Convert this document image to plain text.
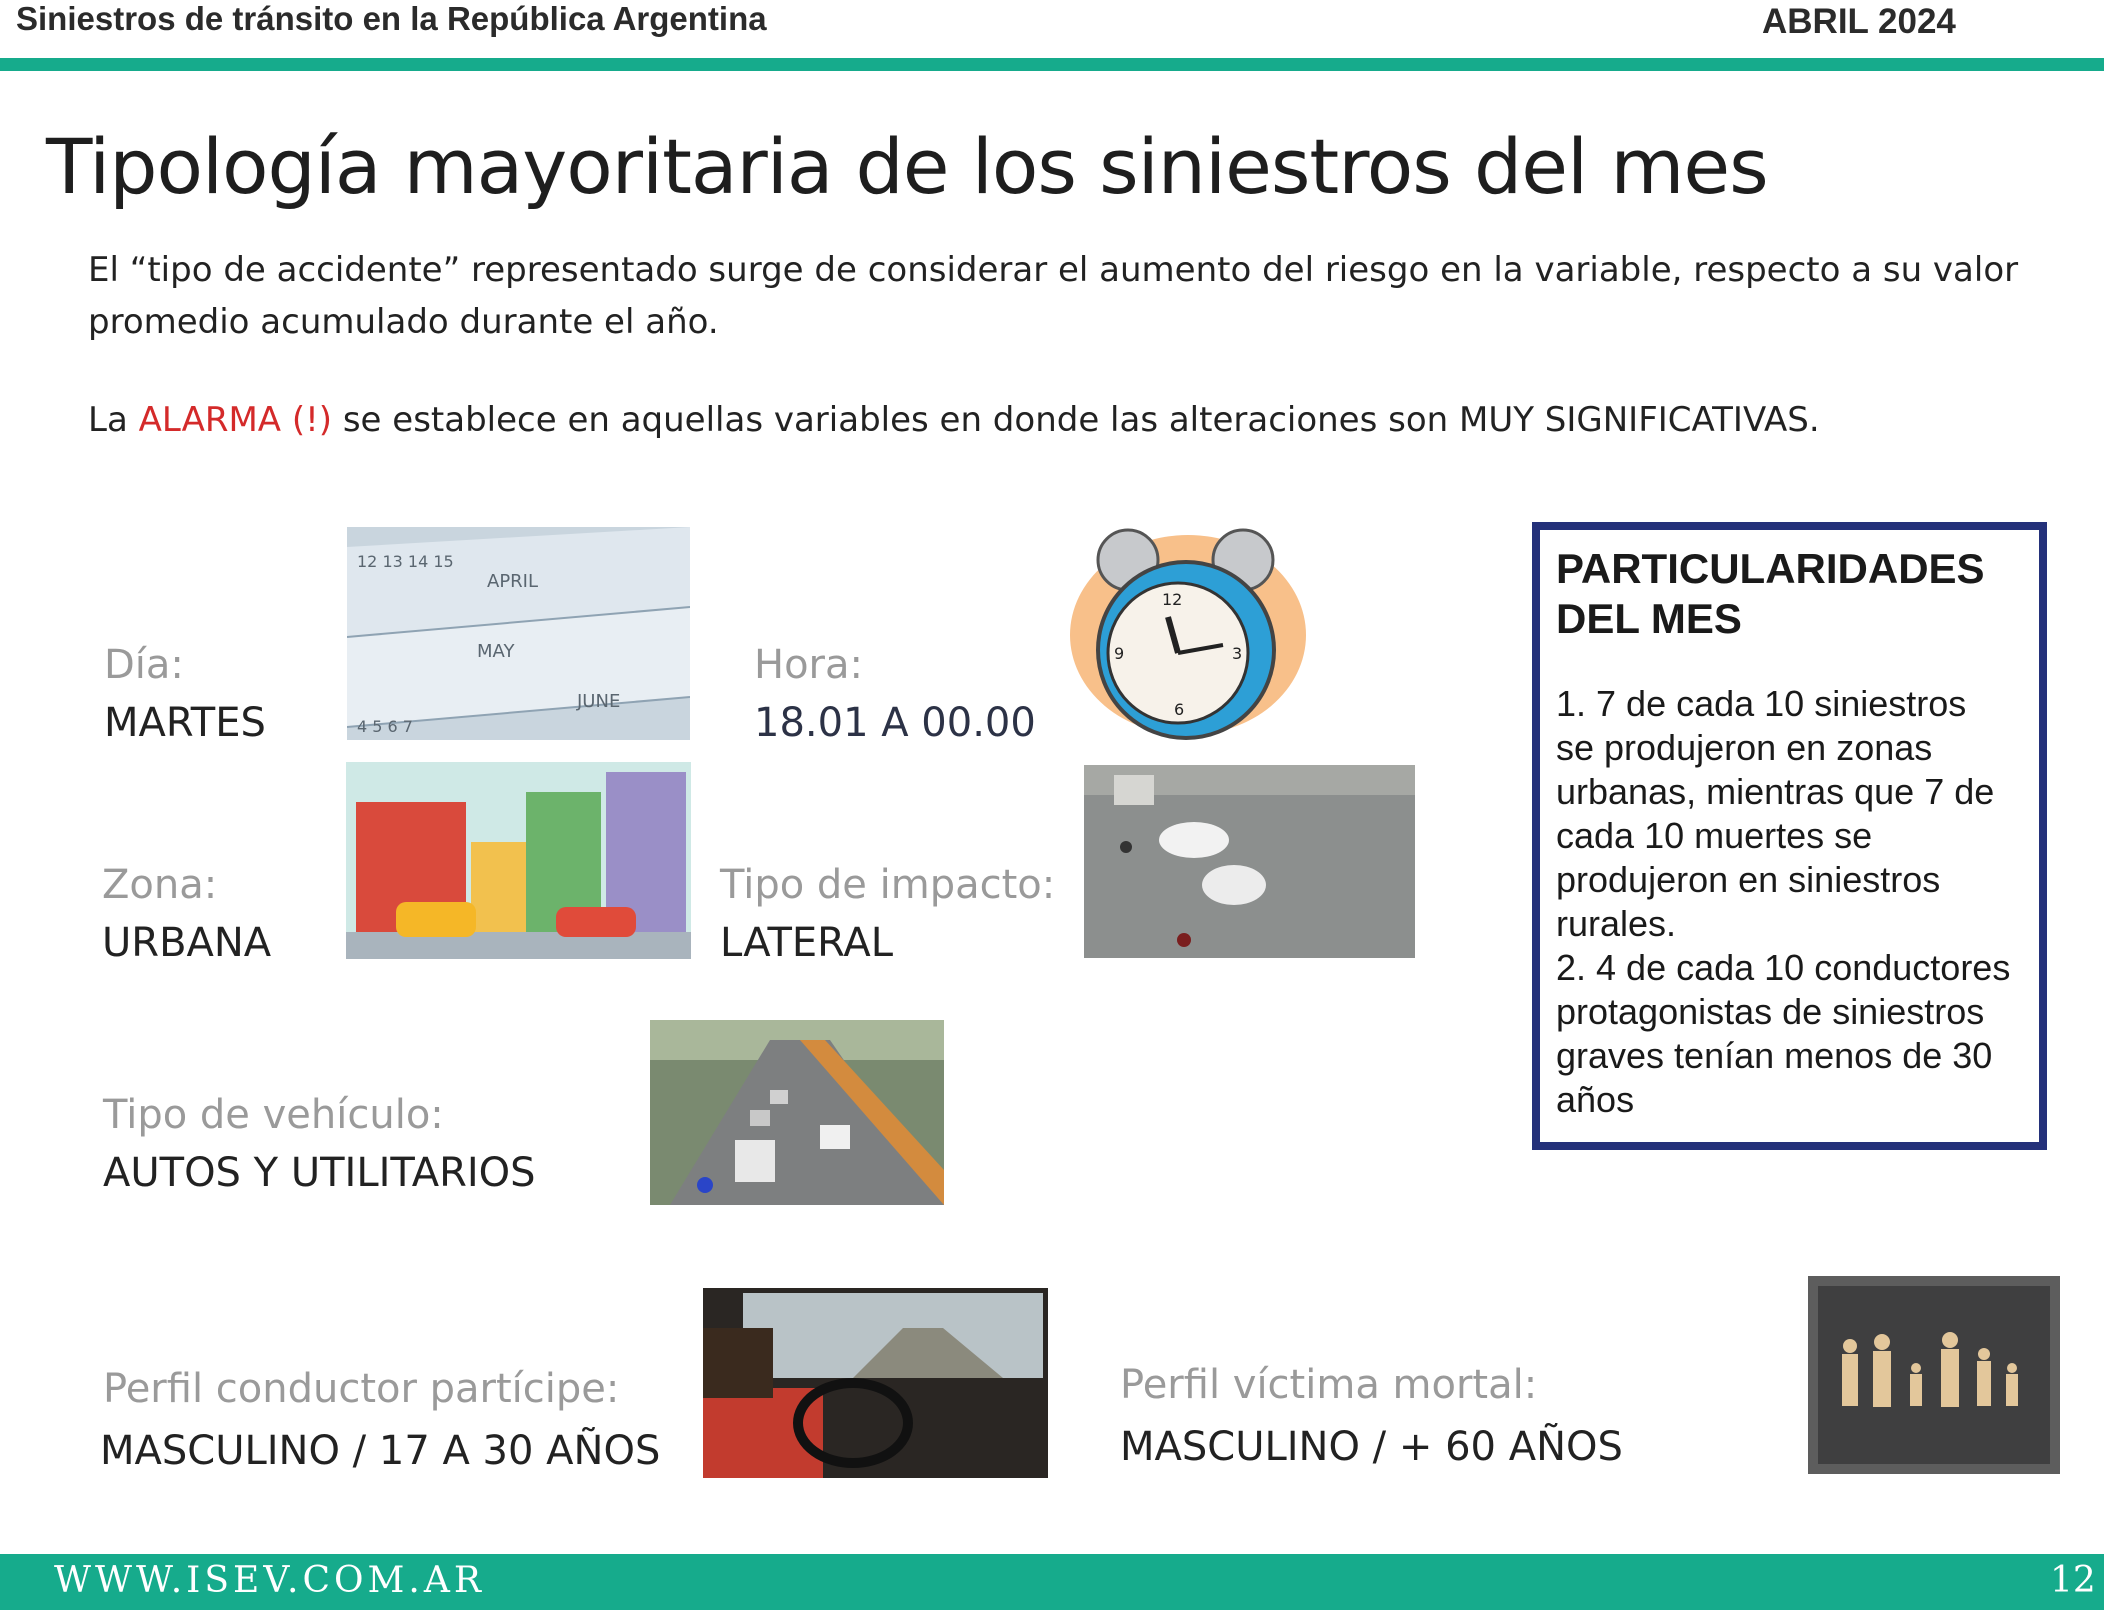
Siniestros de tránsito en la República Argentina	ABRIL 2024
Tipología mayoritaria de los siniestros del mes
El “tipo de accidente” representado surge de considerar el aumento del riesgo en la variable, respecto a su valor promedio acumulado durante el año.
La ALARMA (!) se establece en aquellas variables en donde las alteraciones son MUY SIGNIFICATIVAS.
Día:
MARTES
APRIL
MAY
JUNE
12 13 14 15
4 5 6 7
Hora:
18.01 A 00.00
12
3
6
9
Zona:
URBANA
Tipo de impacto:
LATERAL
Tipo de vehículo:
AUTOS Y UTILITARIOS
PARTICULARIDADES DEL MES
1. 7 de cada 10 siniestros
se produjeron en zonas
urbanas, mientras que 7 de
cada 10 muertes se
produjeron en siniestros
rurales.
2. 4 de cada 10 conductores
protagonistas de siniestros
graves tenían menos de 30
años
Perfil conductor partícipe:
MASCULINO / 17 A 30 AÑOS
Perfil víctima mortal:
MASCULINO / + 60 AÑOS
WWW.ISEV.COM.AR	12
